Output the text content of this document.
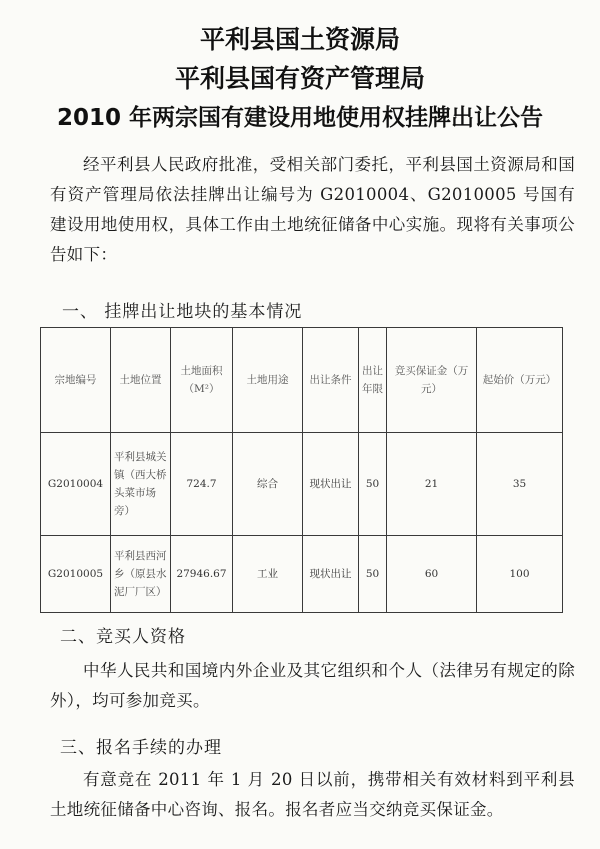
平利县国土资源局
平利县国有资产管理局
2010 年两宗国有建设用地使用权挂牌出让公告
经平利县人民政府批准，受相关部门委托，平利县国土资源局和国有资产管理局依法挂牌出让编号为 G2010004、G2010005 号国有建设用地使用权，具体工作由土地统征储备中心实施。现将有关事项公告如下：
一、 挂牌出让地块的基本情况
宗地编号	土地位置	土地面积（M²）	土地用途	出让条件	出让年限	竞买保证金（万元）	起始价（万元）
G2010004	平利县城关镇（西大桥头菜市场旁）	724.7	综合	现状出让	50	21	35
G2010005	平利县西河乡（原县水泥厂厂区）	27946.67	工业	现状出让	50	60	100
二、竞买人资格
中华人民共和国境内外企业及其它组织和个人（法律另有规定的除外），均可参加竞买。
三、报名手续的办理
有意竞在 2011 年 1 月 20 日以前，携带相关有效材料到平利县土地统征储备中心咨询、报名。报名者应当交纳竞买保证金。
